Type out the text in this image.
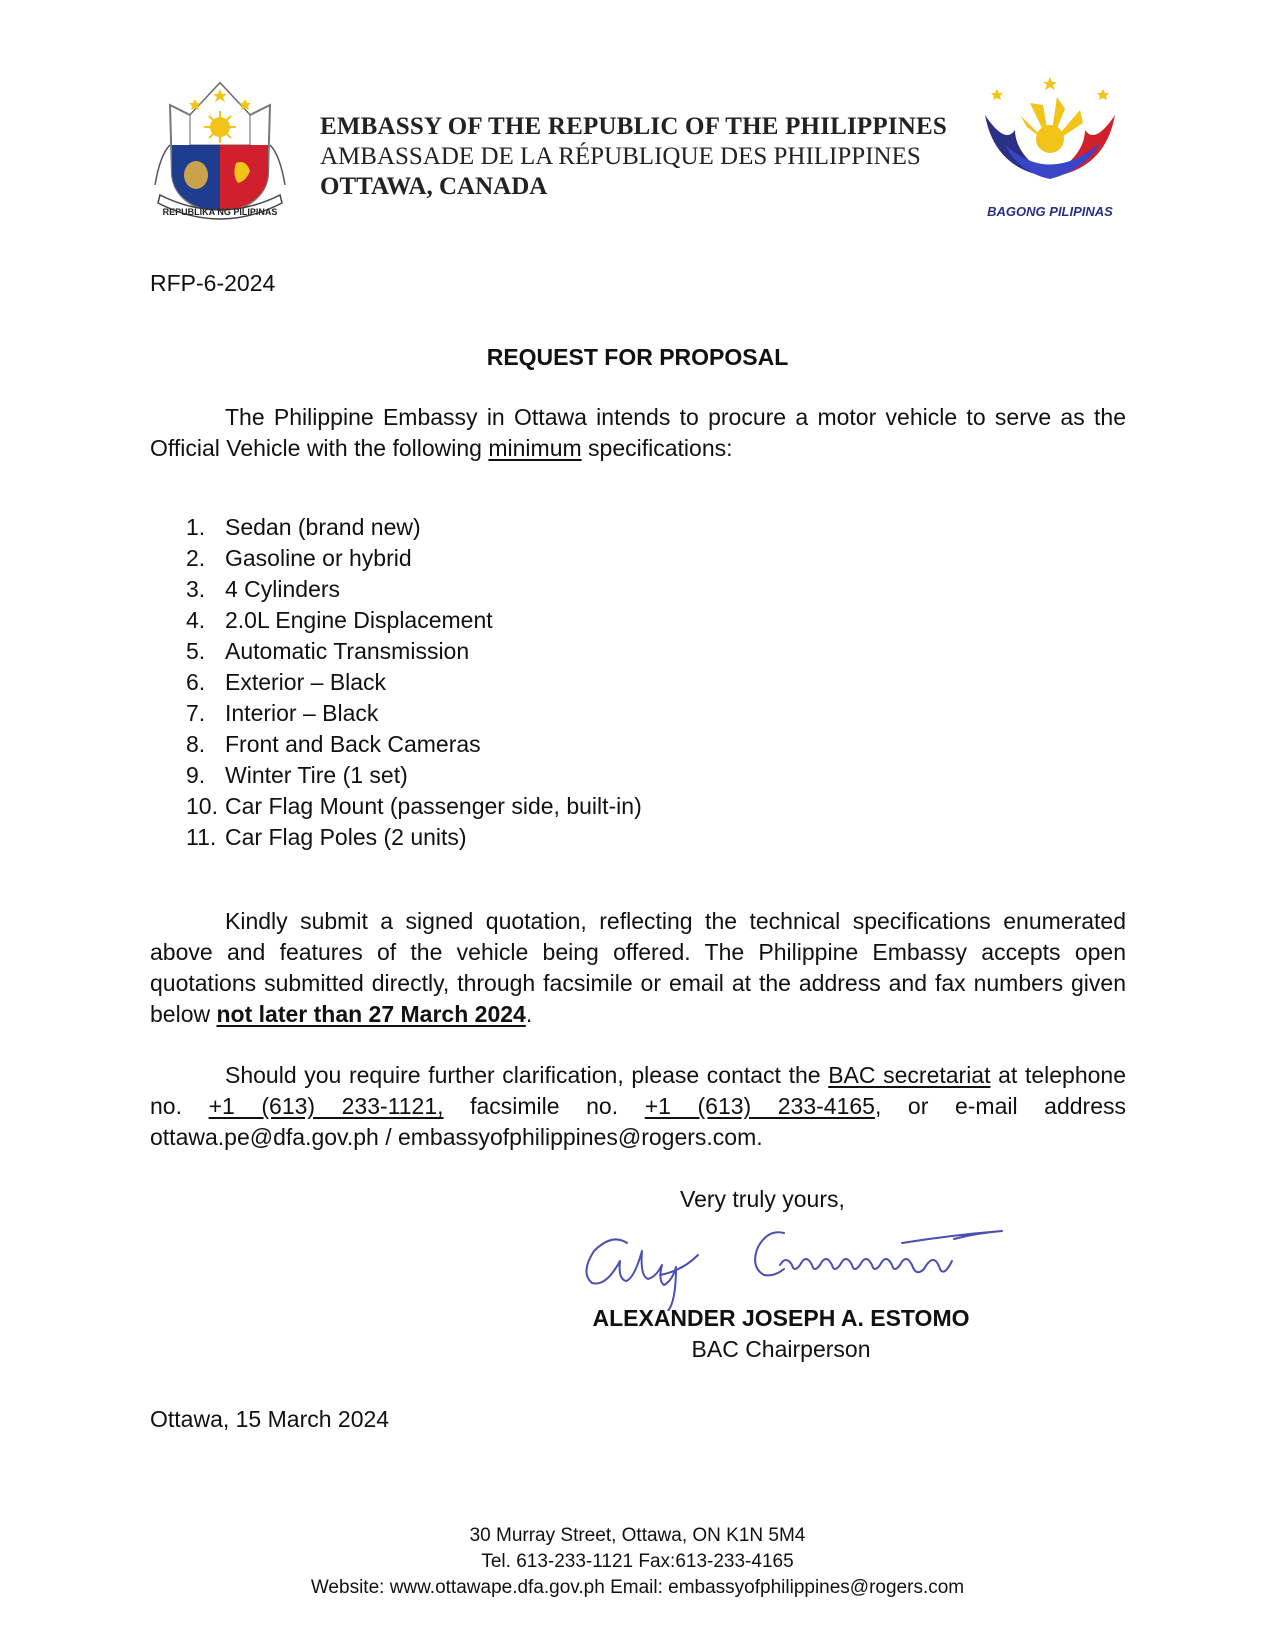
REPUBLIKA NG PILIPINAS
EMBASSY OF THE REPUBLIC OF THE PHILIPPINES
AMBASSADE DE LA RÉPUBLIQUE DES PHILIPPINES
OTTAWA, CANADA
BAGONG PILIPINAS
RFP-6-2024
REQUEST FOR PROPOSAL
The Philippine Embassy in Ottawa intends to procure a motor vehicle to serve as the Official Vehicle with the following minimum specifications:
1. Sedan (brand new)
2. Gasoline or hybrid
3. 4 Cylinders
4. 2.0L Engine Displacement
5. Automatic Transmission
6. Exterior – Black
7. Interior – Black
8. Front and Back Cameras
9. Winter Tire (1 set)
10. Car Flag Mount (passenger side, built-in)
11. Car Flag Poles (2 units)
Kindly submit a signed quotation, reflecting the technical specifications enumerated above and features of the vehicle being offered. The Philippine Embassy accepts open quotations submitted directly, through facsimile or email at the address and fax numbers given below not later than 27 March 2024.
Should you require further clarification, please contact the BAC secretariat at telephone no. +1 (613) 233-1121, facsimile no. +1 (613) 233-4165, or e-mail address ottawa.pe@dfa.gov.ph / embassyofphilippines@rogers.com.
Very truly yours,
ALEXANDER JOSEPH A. ESTOMO
BAC Chairperson
Ottawa, 15 March 2024
30 Murray Street, Ottawa, ON K1N 5M4
Tel. 613-233-1121 Fax:613-233-4165
Website: www.ottawape.dfa.gov.ph Email: embassyofphilippines@rogers.com
